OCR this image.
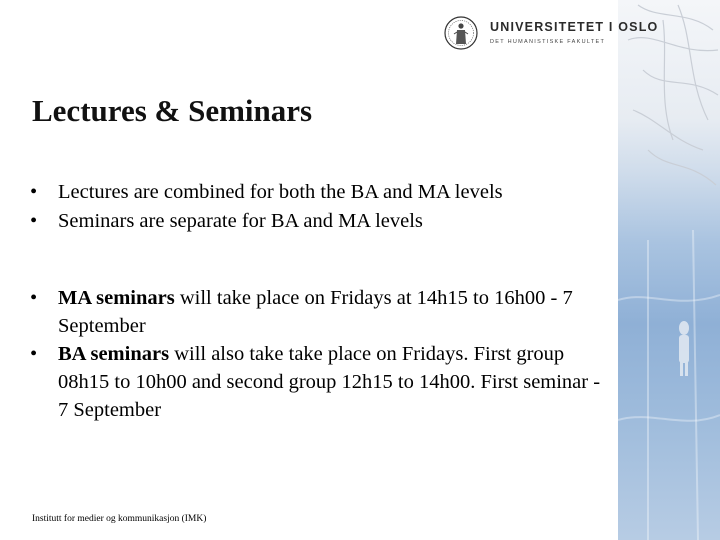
UNIVERSITETET I OSLO
DET HUMANISTISKE FAKULTET
Lectures & Seminars
• Lectures are combined for both the BA and MA levels
• Seminars are separate for BA and MA levels
• MA seminars will take place on Fridays at 14h15 to 16h00 - 7 September
• BA seminars will also take take place on Fridays. First group 08h15 to 10h00 and second group 12h15 to 14h00. First seminar - 7 September
Institutt for medier og kommunikasjon (IMK)
